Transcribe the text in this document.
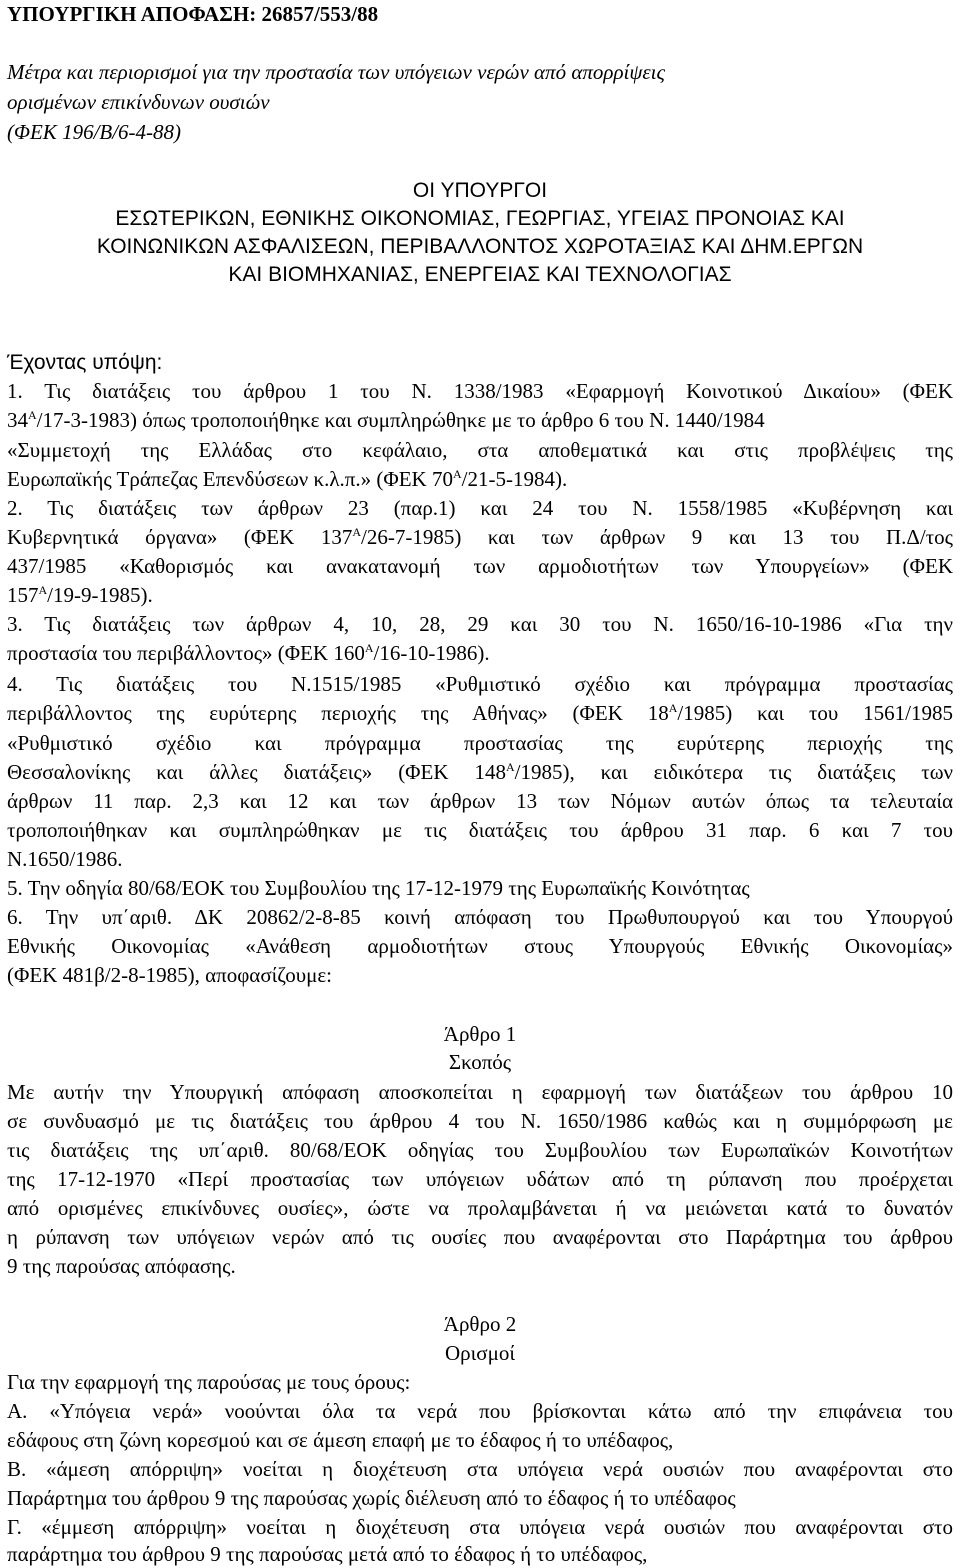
ΥΠΟΥΡΓΙΚΗ ΑΠΟΦΑΣΗ: 26857/553/88
Μέτρα και περιορισμοί για την προστασία των υπόγειων νερών από απορρίψεις
ορισμένων επικίνδυνων ουσιών
(ΦΕΚ 196/Β/6-4-88)
ΟΙ ΥΠΟΥΡΓΟΙ
ΕΣΩΤΕΡΙΚΩΝ, ΕΘΝΙΚΗΣ ΟΙΚΟΝΟΜΙΑΣ, ΓΕΩΡΓΙΑΣ, ΥΓΕΙΑΣ ΠΡΟΝΟΙΑΣ ΚΑΙ
ΚΟΙΝΩΝΙΚΩΝ ΑΣΦΑΛΙΣΕΩΝ, ΠΕΡΙΒΑΛΛΟΝΤΟΣ ΧΩΡΟΤΑΞΙΑΣ ΚΑΙ ΔΗΜ.ΕΡΓΩΝ
ΚΑΙ ΒΙΟΜΗΧΑΝΙΑΣ, ΕΝΕΡΓΕΙΑΣ ΚΑΙ ΤΕΧΝΟΛΟΓΙΑΣ
Έχοντας υπόψη:
1. Τις διατάξεις του άρθρου 1 του Ν. 1338/1983 «Εφαρμογή Κοινοτικού Δικαίου» (ΦΕΚ
$34^A/17-3-1983$) όπως τροποποιήθηκε και συμπληρώθηκε με το άρθρο 6 του Ν. 1440/1984
«Συμμετοχή της Ελλάδας στο κεφάλαιο, στα αποθεματικά και στις προβλέψεις της
Ευρωπαϊκής Τράπεζας Επενδύσεων κ.λ.π.» (ΦΕΚ $70^A/21-5-1984$).
2. Τις διατάξεις των άρθρων 23 (παρ.1) και 24 του Ν. 1558/1985 «Κυβέρνηση και
Κυβερνητικά όργανα» (ΦΕΚ $137^A/26-7-1985$) και των άρθρων 9 και 13 του Π.Δ/τος
437/1985 «Καθορισμός και ανακατανομή των αρμοδιοτήτων των Υπουργείων» (ΦΕΚ
$157^A/19-9-1985$).
3. Τις διατάξεις των άρθρων 4, 10, 28, 29 και 30 του Ν. 1650/16-10-1986 «Για την
προστασία του περιβάλλοντος» (ΦΕΚ $160^A/16-10-1986$).
4. Τις διατάξεις του Ν.1515/1985 «Ρυθμιστικό σχέδιο και πρόγραμμα προστασίας
περιβάλλοντος της ευρύτερης περιοχής της Αθήνας» (ΦΕΚ $18^A/1985$) και του 1561/1985
«Ρυθμιστικό σχέδιο και πρόγραμμα προστασίας της ευρύτερης περιοχής της
Θεσσαλονίκης και άλλες διατάξεις» (ΦΕΚ $148^A/1985$), και ειδικότερα τις διατάξεις των
άρθρων 11 παρ. 2,3 και 12 και των άρθρων 13 των Νόμων αυτών όπως τα τελευταία
τροποποιήθηκαν και συμπληρώθηκαν με τις διατάξεις του άρθρου 31 παρ. 6 και 7 του
Ν.1650/1986.
5. Την οδηγία 80/68/ΕΟΚ του Συμβουλίου της 17-12-1979 της Ευρωπαϊκής Κοινότητας
6. Την υπ΄αριθ. ΔΚ 20862/2-8-85 κοινή απόφαση του Πρωθυπουργού και του Υπουργού
Εθνικής Οικονομίας «Ανάθεση αρμοδιοτήτων στους Υπουργούς Εθνικής Οικονομίας»
(ΦΕΚ 481β/2-8-1985), αποφασίζουμε:
Άρθρο 1
Σκοπός
Με αυτήν την Υπουργική απόφαση αποσκοπείται η εφαρμογή των διατάξεων του άρθρου 10
σε συνδυασμό με τις διατάξεις του άρθρου 4 του Ν. 1650/1986 καθώς και η συμμόρφωση με
τις διατάξεις της υπ΄αριθ. 80/68/ΕΟΚ οδηγίας του Συμβουλίου των Ευρωπαϊκών Κοινοτήτων
της 17-12-1970 «Περί προστασίας των υπόγειων υδάτων από τη ρύπανση που προέρχεται
από ορισμένες επικίνδυνες ουσίες», ώστε να προλαμβάνεται ή να μειώνεται κατά το δυνατόν
η ρύπανση των υπόγειων νερών από τις ουσίες που αναφέρονται στο Παράρτημα του άρθρου
9 της παρούσας απόφασης.
Άρθρο 2
Ορισμοί
Για την εφαρμογή της παρούσας με τους όρους:
Α. «Υπόγεια νερά» νοούνται όλα τα νερά που βρίσκονται κάτω από την επιφάνεια του
εδάφους στη ζώνη κορεσμού και σε άμεση επαφή με το έδαφος ή το υπέδαφος,
Β. «άμεση απόρριψη» νοείται η διοχέτευση στα υπόγεια νερά ουσιών που αναφέρονται στο
Παράρτημα του άρθρου 9 της παρούσας χωρίς διέλευση από το έδαφος ή το υπέδαφος
Γ. «έμμεση απόρριψη» νοείται η διοχέτευση στα υπόγεια νερά ουσιών που αναφέρονται στο
παράρτημα του άρθρου 9 της παρούσας μετά από το έδαφος ή το υπέδαφος,
